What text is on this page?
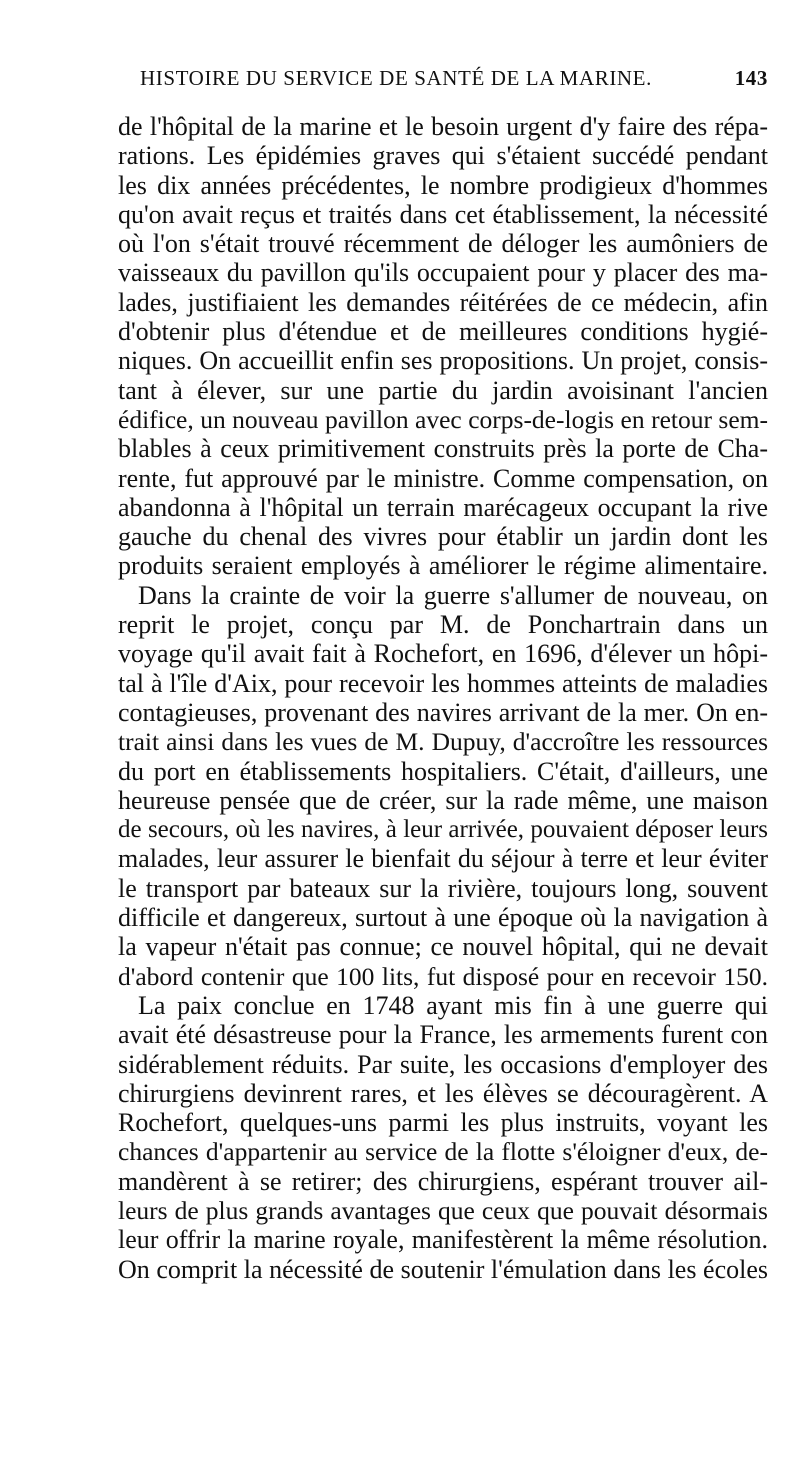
HISTOIRE DU SERVICE DE SANTÉ DE LA MARINE.	143
de l'hôpital de la marine et le besoin urgent d'y faire des répa-
rations. Les épidémies graves qui s'étaient succédé pendant
les dix années précédentes, le nombre prodigieux d'hommes
qu'on avait reçus et traités dans cet établissement, la nécessité
où l'on s'était trouvé récemment de déloger les aumôniers de
vaisseaux du pavillon qu'ils occupaient pour y placer des ma-
lades, justifiaient les demandes réitérées de ce médecin, afin
d'obtenir plus d'étendue et de meilleures conditions hygié-
niques. On accueillit enfin ses propositions. Un projet, consis-
tant à élever, sur une partie du jardin avoisinant l'ancien
édifice, un nouveau pavillon avec corps-de-logis en retour sem-
blables à ceux primitivement construits près la porte de Cha-
rente, fut approuvé par le ministre. Comme compensation, on
abandonna à l'hôpital un terrain marécageux occupant la rive
gauche du chenal des vivres pour établir un jardin dont les
produits seraient employés à améliorer le régime alimentaire.
Dans la crainte de voir la guerre s'allumer de nouveau, on
reprit le projet, conçu par M. de Ponchartrain dans un
voyage qu'il avait fait à Rochefort, en 1696, d'élever un hôpi-
tal à l'île d'Aix, pour recevoir les hommes atteints de maladies
contagieuses, provenant des navires arrivant de la mer. On en-
trait ainsi dans les vues de M. Dupuy, d'accroître les ressources
du port en établissements hospitaliers. C'était, d'ailleurs, une
heureuse pensée que de créer, sur la rade même, une maison
de secours, où les navires, à leur arrivée, pouvaient déposer leurs
malades, leur assurer le bienfait du séjour à terre et leur éviter
le transport par bateaux sur la rivière, toujours long, souvent
difficile et dangereux, surtout à une époque où la navigation à
la vapeur n'était pas connue; ce nouvel hôpital, qui ne devait
d'abord contenir que 100 lits, fut disposé pour en recevoir 150.
La paix conclue en 1748 ayant mis fin à une guerre qui
avait été désastreuse pour la France, les armements furent con
sidérablement réduits. Par suite, les occasions d'employer des
chirurgiens devinrent rares, et les élèves se découragèrent. A
Rochefort, quelques-uns parmi les plus instruits, voyant les
chances d'appartenir au service de la flotte s'éloigner d'eux, de-
mandèrent à se retirer; des chirurgiens, espérant trouver ail-
leurs de plus grands avantages que ceux que pouvait désormais
leur offrir la marine royale, manifestèrent la même résolution.
On comprit la nécessité de soutenir l'émulation dans les écoles
